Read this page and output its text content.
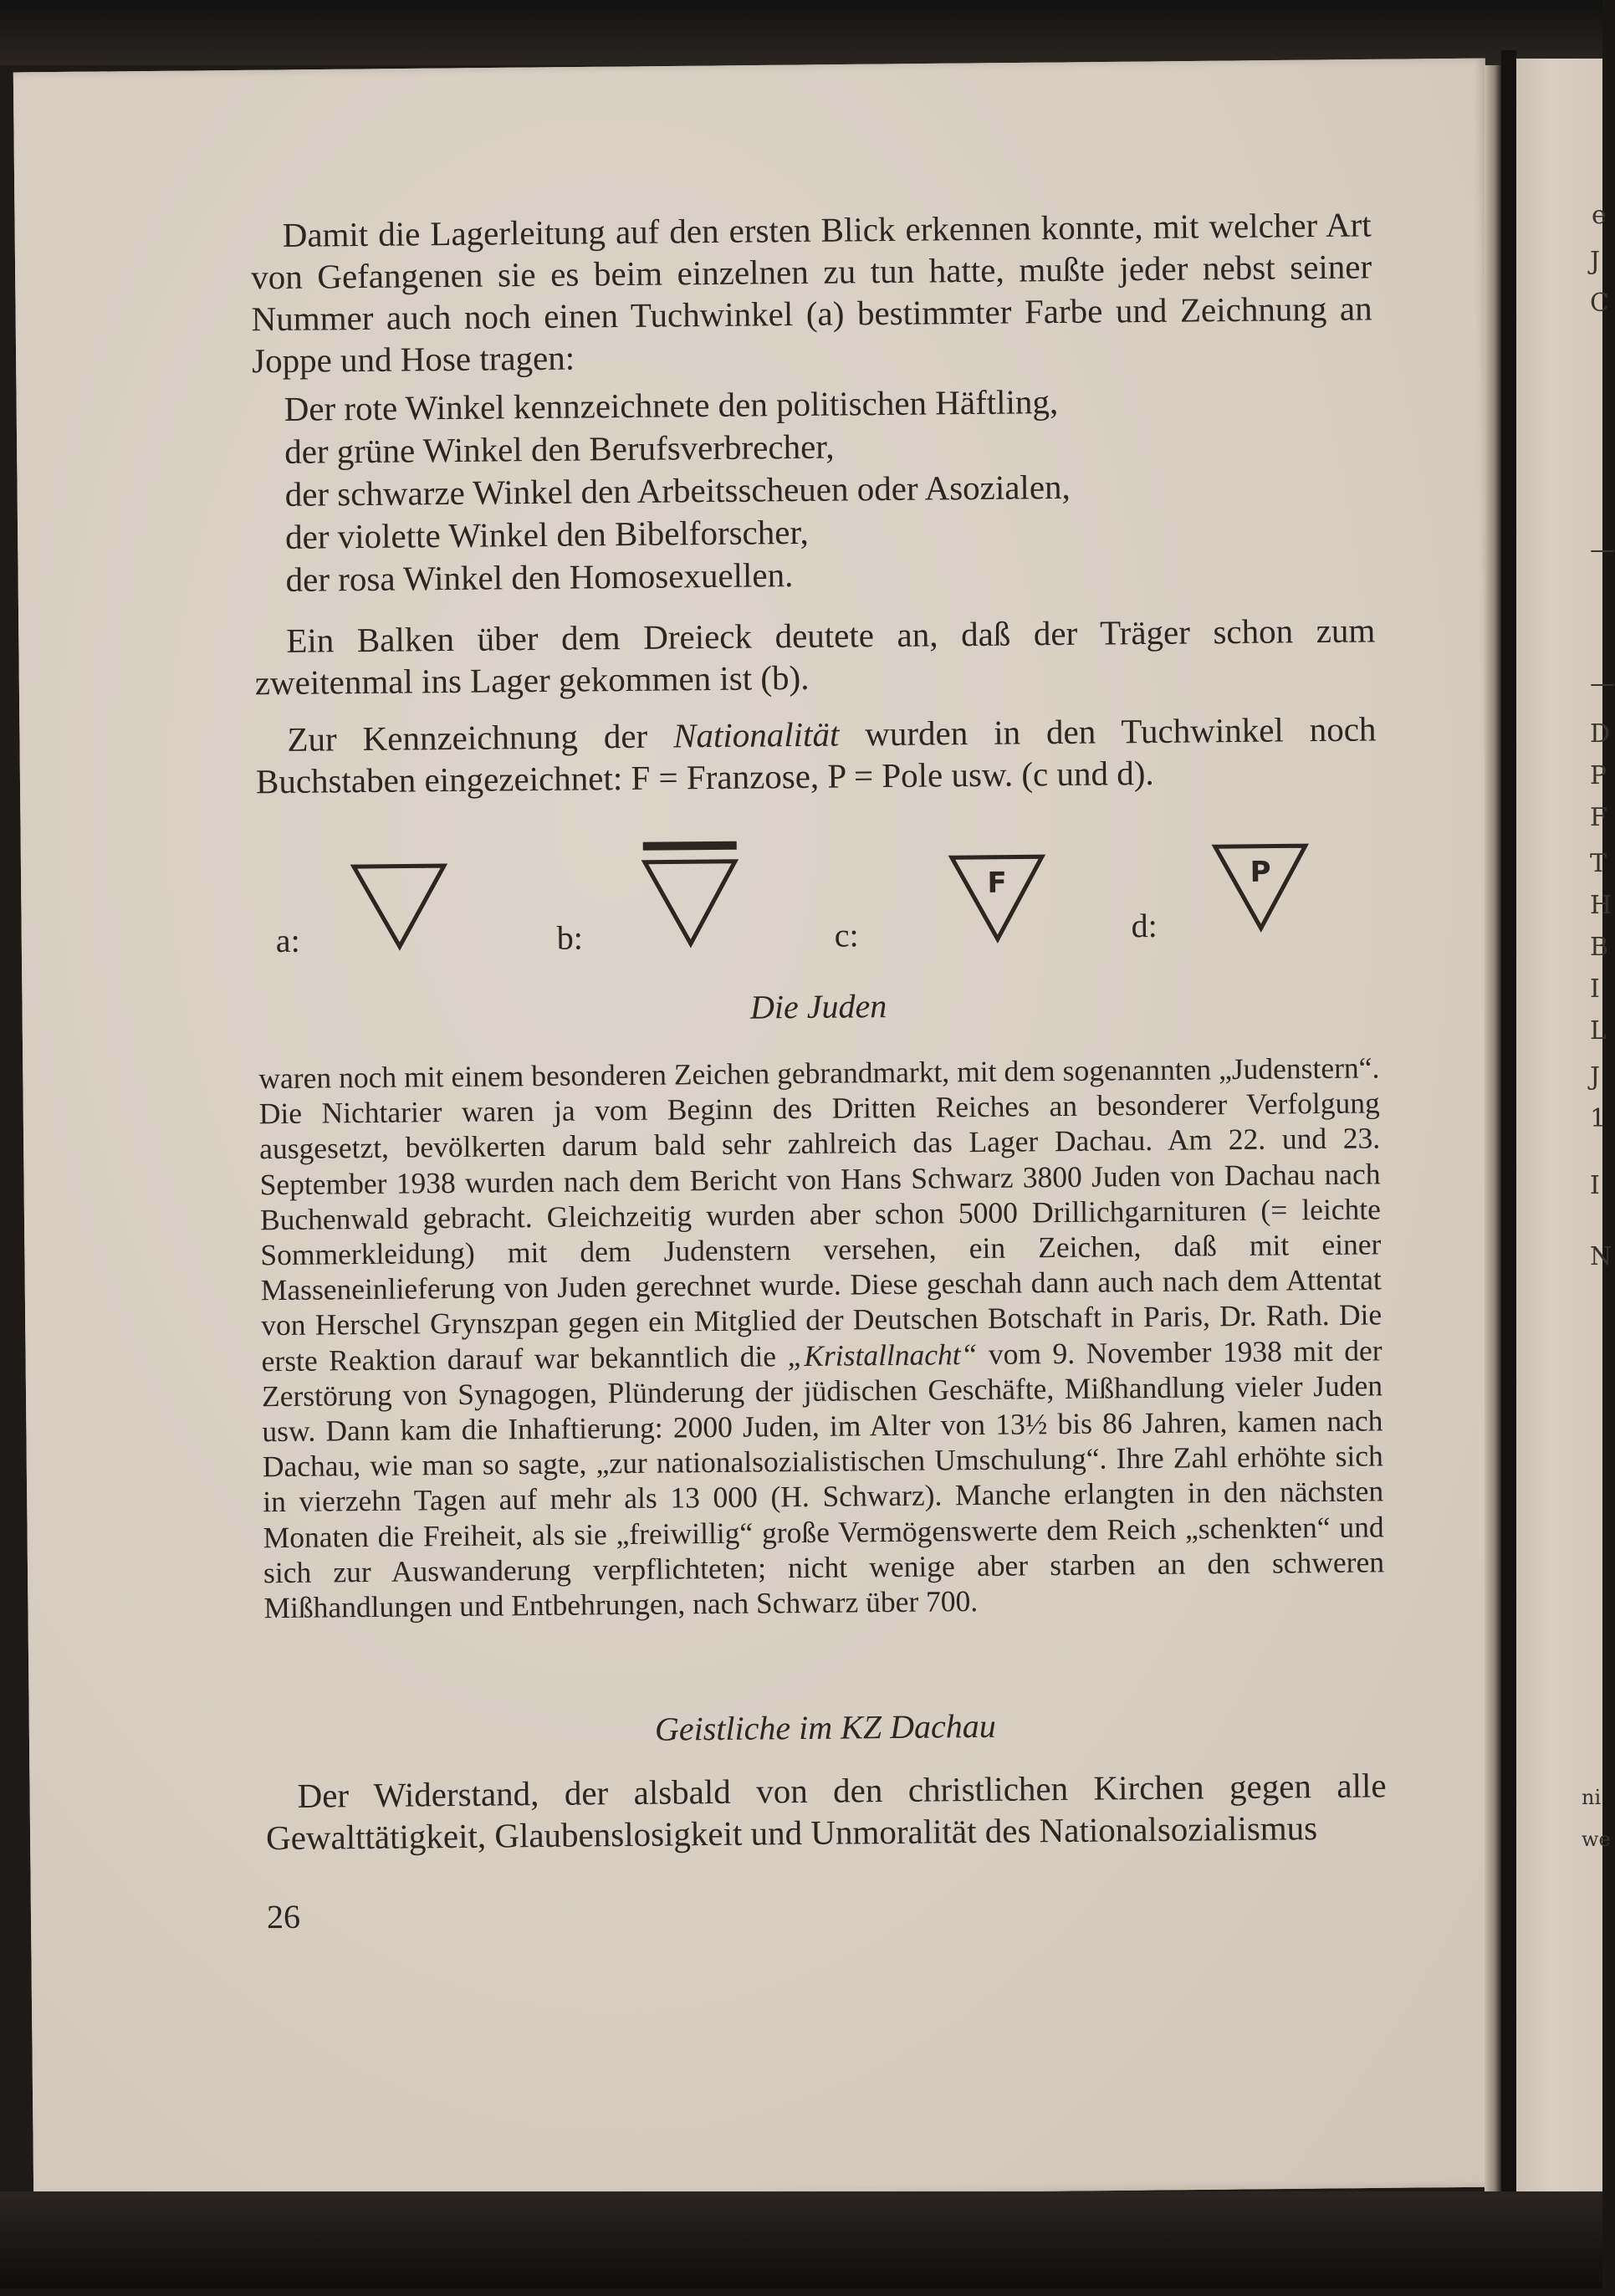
Damit die Lagerleitung auf den ersten Blick erkennen konnte, mit welcher Art von Gefangenen sie es beim einzelnen zu tun hatte, mußte jeder nebst seiner Nummer auch noch einen Tuchwinkel (a) bestimmter Farbe und Zeichnung an Joppe und Hose tragen:

Der rote Winkel kennzeichnete den politischen Häftling,
der grüne Winkel den Berufsverbrecher,
der schwarze Winkel den Arbeitsscheuen oder Asozialen,
der violette Winkel den Bibelforscher,
der rosa Winkel den Homosexuellen.

Ein Balken über dem Dreieck deutete an, daß der Träger schon zum zweitenmal ins Lager gekommen ist (b).

Zur Kennzeichnung der Nationalität wurden in den Tuchwinkel noch Buchstaben eingezeichnet: F = Franzose, P = Pole usw. (c und d).

a:	b:	c:
F
d:
P
Die Juden

waren noch mit einem besonderen Zeichen gebrandmarkt, mit dem sogenannten „Judenstern“. Die Nichtarier waren ja vom Beginn des Dritten Reiches an besonderer Verfolgung ausgesetzt, bevölkerten darum bald sehr zahlreich das Lager Dachau. Am 22. und 23. September 1938 wurden nach dem Bericht von Hans Schwarz 3800 Juden von Dachau nach Buchenwald gebracht. Gleichzeitig wurden aber schon 5000 Drillichgarnituren (= leichte Sommerkleidung) mit dem Judenstern versehen, ein Zeichen, daß mit einer Masseneinlieferung von Juden gerechnet wurde. Diese geschah dann auch nach dem Attentat von Herschel Grynszpan gegen ein Mitglied der Deutschen Botschaft in Paris, Dr. Rath. Die erste Reaktion darauf war bekanntlich die „Kristallnacht“ vom 9. November 1938 mit der Zerstörung von Synagogen, Plünderung der jüdischen Geschäfte, Mißhandlung vieler Juden usw. Dann kam die Inhaftierung: 2000 Juden, im Alter von 13½ bis 86 Jahren, kamen nach Dachau, wie man so sagte, „zur nationalsozialistischen Umschulung“. Ihre Zahl erhöhte sich in vierzehn Tagen auf mehr als 13 000 (H. Schwarz). Manche erlangten in den nächsten Monaten die Freiheit, als sie „freiwillig“ große Vermögenswerte dem Reich „schenkten“ und sich zur Auswanderung verpflichteten; nicht wenige aber starben an den schweren Mißhandlungen und Entbehrungen, nach Schwarz über 700.

Geistliche im KZ Dachau

Der Widerstand, der alsbald von den christlichen Kirchen gegen alle Gewalttätigkeit, Glaubenslosigkeit und Unmoralität des Nationalsozialismus

26
e
J
C
—
—
D
P
F
T
H
B
I
L
J
1
I
N
ni
we
